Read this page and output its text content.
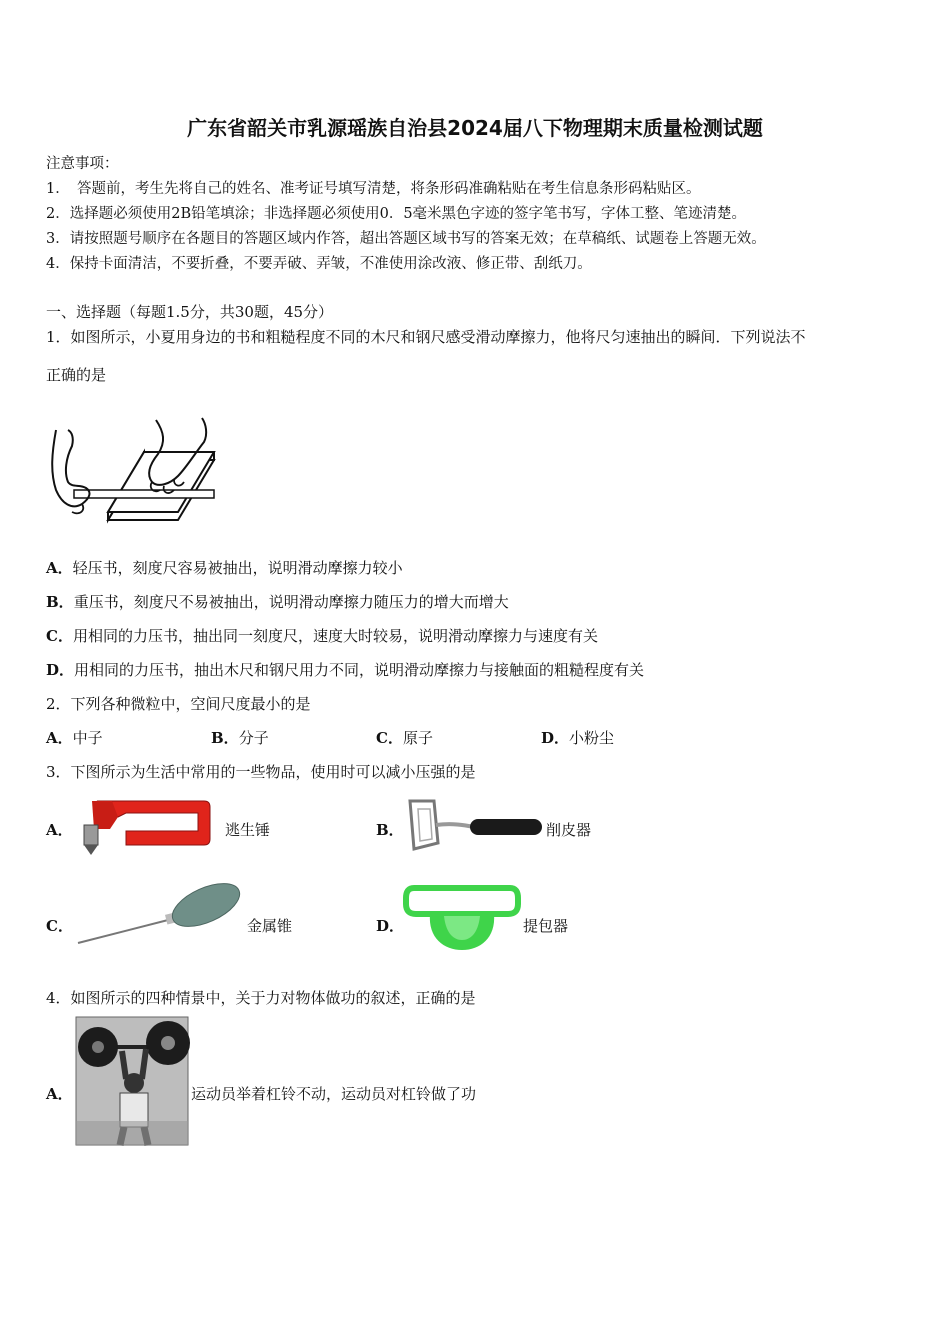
广东省韶关市乳源瑶族自治县2024届八下物理期末质量检测试题
注意事项：
1．　答题前，考生先将自己的姓名、准考证号填写清楚，将条形码准确粘贴在考生信息条形码粘贴区。
2．选择题必须使用2B铅笔填涂；非选择题必须使用0．5毫米黑色字迹的签字笔书写，字体工整、笔迹清楚。
3．请按照题号顺序在各题目的答题区域内作答，超出答题区域书写的答案无效；在草稿纸、试题卷上答题无效。
4．保持卡面清洁，不要折叠，不要弄破、弄皱，不准使用涂改液、修正带、刮纸刀。
一、选择题（每题1.5分，共30题，45分）
1．如图所示，小夏用身边的书和粗糙程度不同的木尺和钢尺感受滑动摩擦力，他将尺匀速抽出的瞬间．下列说法不
正确的是
A．轻压书，刻度尺容易被抽出，说明滑动摩擦力较小
B．重压书，刻度尺不易被抽出，说明滑动摩擦力随压力的增大而增大
C．用相同的力压书，抽出同一刻度尺，速度大时较易，说明滑动摩擦力与速度有关
D．用相同的力压书，抽出木尺和钢尺用力不同，说明滑动摩擦力与接触面的粗糙程度有关
2．下列各种微粒中，空间尺度最小的是
A．中子	B．分子	C．原子	D．小粉尘
3．下图所示为生活中常用的一些物品，使用时可以减小压强的是
A．	逃生锤	B．	削皮器
C．	金属锥	D．	提包器
4．如图所示的四种情景中，关于力对物体做功的叙述，正确的是
A．	运动员举着杠铃不动，运动员对杠铃做了功
